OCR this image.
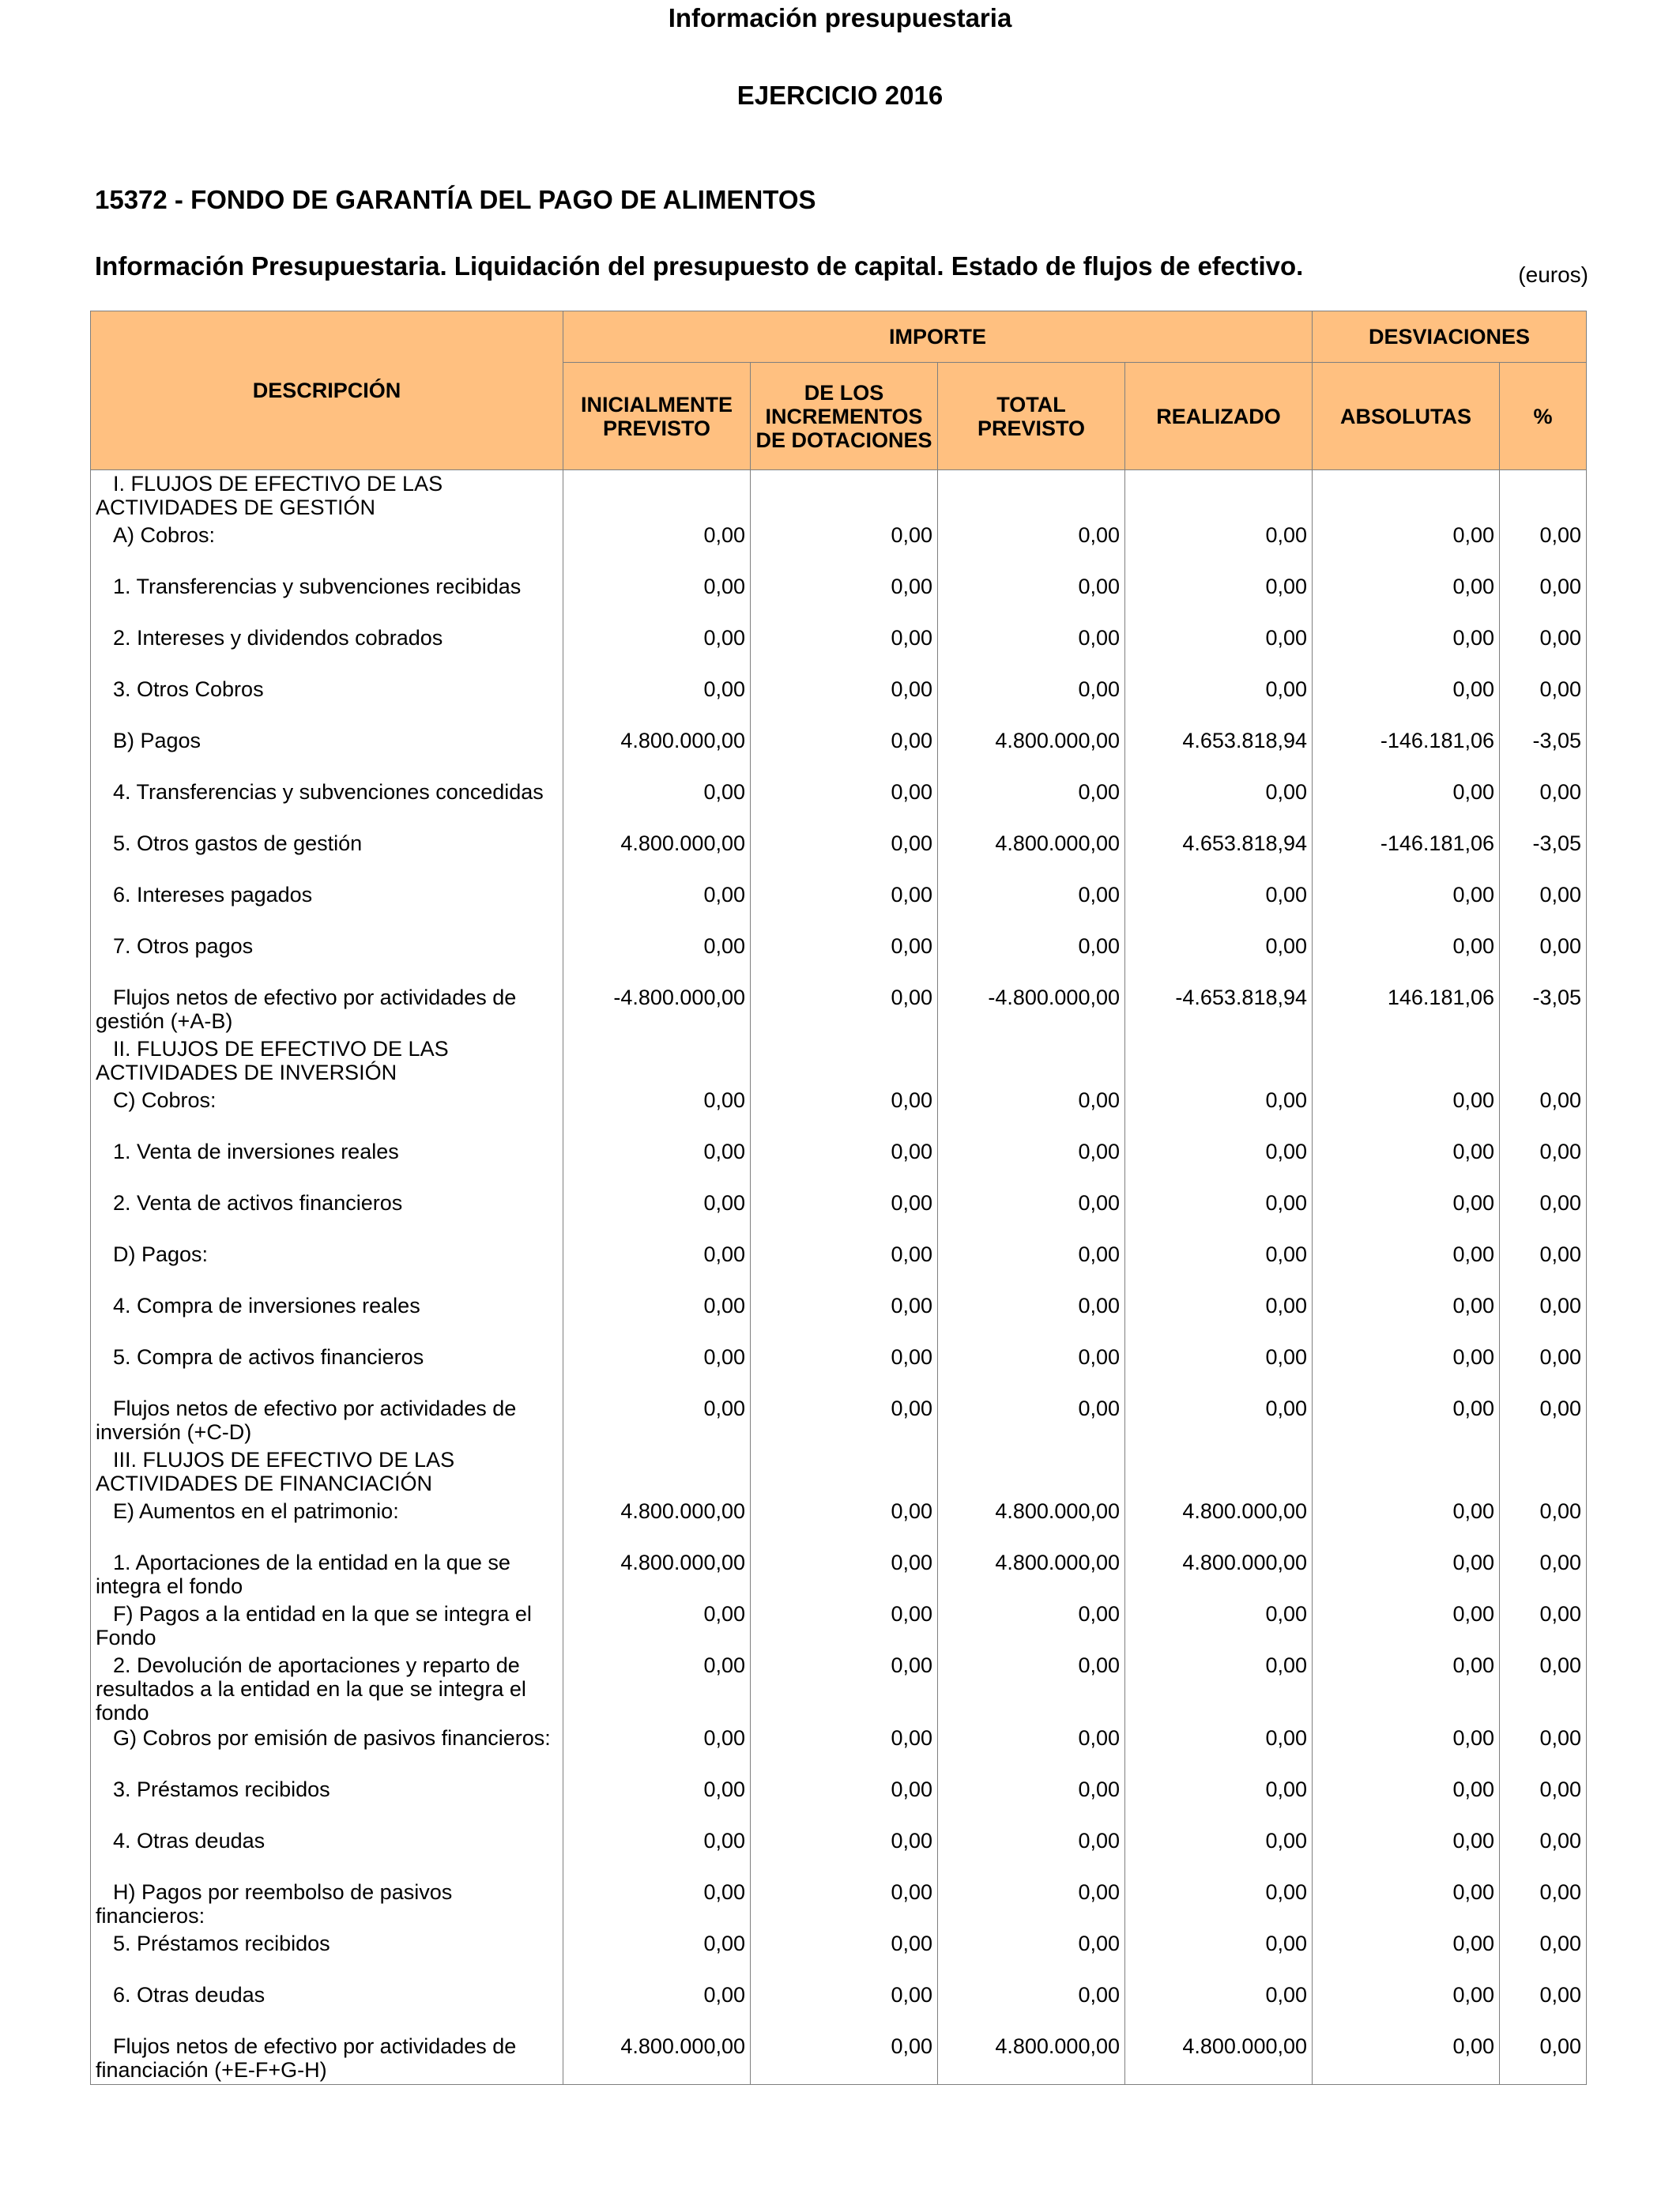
Información presupuestaria
EJERCICIO 2016
15372 - FONDO DE GARANTÍA DEL PAGO DE ALIMENTOS
Información Presupuestaria. Liquidación del presupuesto de capital. Estado de flujos de efectivo.	(euros)
DESCRIPCIÓN	IMPORTE				DESVIACIONES	
	INICIALMENTE PREVISTO	DE LOS INCREMENTOS DE DOTACIONES	TOTAL PREVISTO	REALIZADO	ABSOLUTAS	%
I. FLUJOS DE EFECTIVO DE LAS ACTIVIDADES DE GESTIÓN						
A) Cobros:	0,00	0,00	0,00	0,00	0,00	0,00
1. Transferencias y subvenciones recibidas	0,00	0,00	0,00	0,00	0,00	0,00
2. Intereses y dividendos cobrados	0,00	0,00	0,00	0,00	0,00	0,00
3. Otros Cobros	0,00	0,00	0,00	0,00	0,00	0,00
B) Pagos	4.800.000,00	0,00	4.800.000,00	4.653.818,94	-146.181,06	-3,05
4. Transferencias y subvenciones concedidas	0,00	0,00	0,00	0,00	0,00	0,00
5. Otros gastos de gestión	4.800.000,00	0,00	4.800.000,00	4.653.818,94	-146.181,06	-3,05
6. Intereses pagados	0,00	0,00	0,00	0,00	0,00	0,00
7. Otros pagos	0,00	0,00	0,00	0,00	0,00	0,00
Flujos netos de efectivo por actividades de gestión (+A-B)	-4.800.000,00	0,00	-4.800.000,00	-4.653.818,94	146.181,06	-3,05
II. FLUJOS DE EFECTIVO DE LAS ACTIVIDADES DE INVERSIÓN						
C) Cobros:	0,00	0,00	0,00	0,00	0,00	0,00
1. Venta de inversiones reales	0,00	0,00	0,00	0,00	0,00	0,00
2. Venta de activos financieros	0,00	0,00	0,00	0,00	0,00	0,00
D) Pagos:	0,00	0,00	0,00	0,00	0,00	0,00
4. Compra de inversiones reales	0,00	0,00	0,00	0,00	0,00	0,00
5. Compra de activos financieros	0,00	0,00	0,00	0,00	0,00	0,00
Flujos netos de efectivo por actividades de inversión (+C-D)	0,00	0,00	0,00	0,00	0,00	0,00
III. FLUJOS DE EFECTIVO DE LAS ACTIVIDADES DE FINANCIACIÓN						
E) Aumentos en el patrimonio:	4.800.000,00	0,00	4.800.000,00	4.800.000,00	0,00	0,00
1. Aportaciones de la entidad en la que se integra el fondo	4.800.000,00	0,00	4.800.000,00	4.800.000,00	0,00	0,00
F) Pagos a la entidad en la que se integra el Fondo	0,00	0,00	0,00	0,00	0,00	0,00
2. Devolución de aportaciones y reparto de resultados a la entidad en la que se integra el fondo	0,00	0,00	0,00	0,00	0,00	0,00
G) Cobros por emisión de pasivos financieros:	0,00	0,00	0,00	0,00	0,00	0,00
3. Préstamos recibidos	0,00	0,00	0,00	0,00	0,00	0,00
4. Otras deudas	0,00	0,00	0,00	0,00	0,00	0,00
H) Pagos por reembolso de pasivos financieros:	0,00	0,00	0,00	0,00	0,00	0,00
5. Préstamos recibidos	0,00	0,00	0,00	0,00	0,00	0,00
6. Otras deudas	0,00	0,00	0,00	0,00	0,00	0,00
Flujos netos de efectivo por actividades de financiación (+E-F+G-H)	4.800.000,00	0,00	4.800.000,00	4.800.000,00	0,00	0,00
